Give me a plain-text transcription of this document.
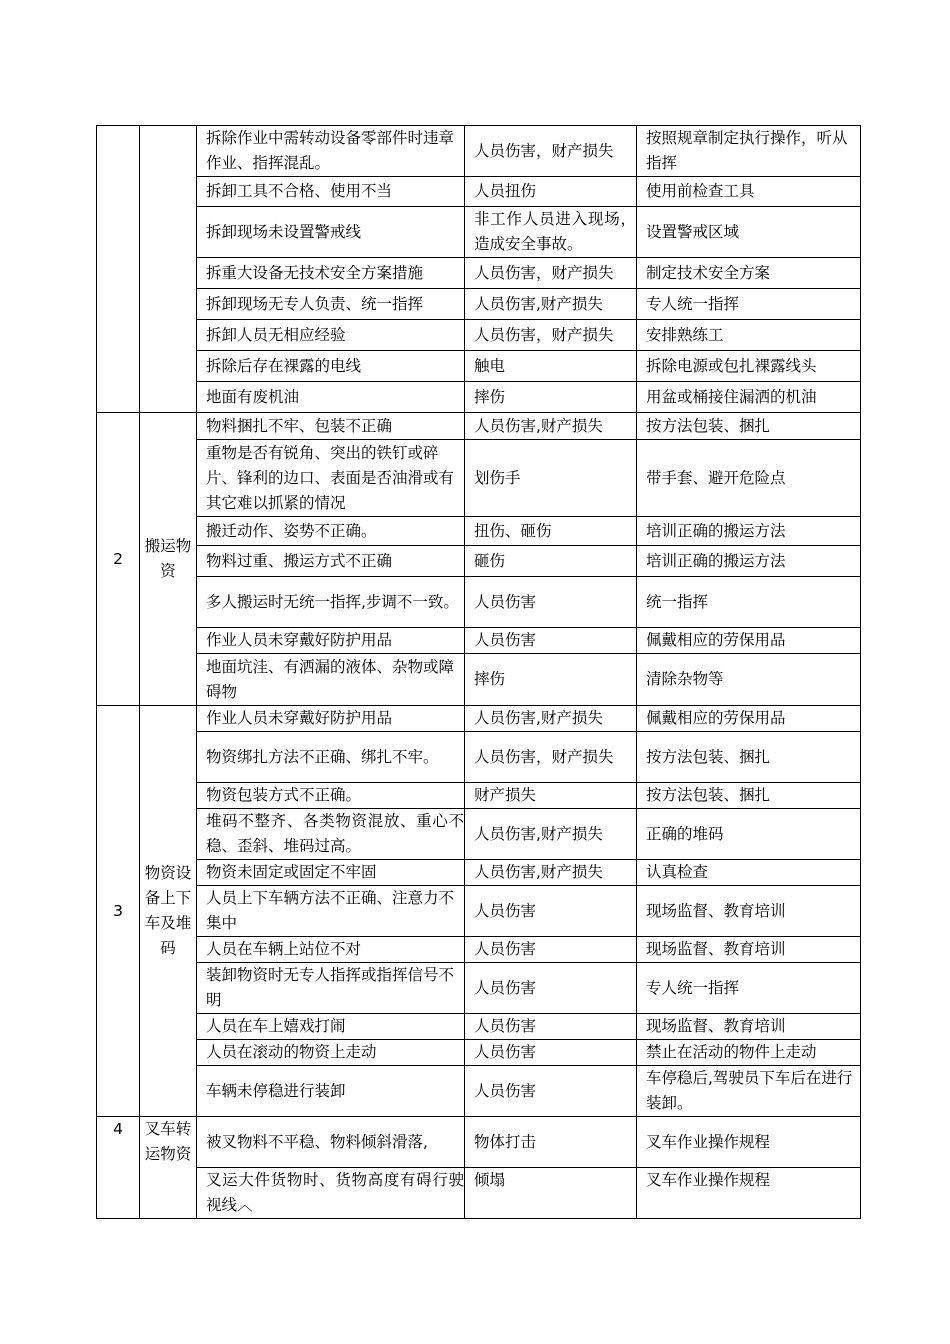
		拆除作业中需转动设备零部件时违章作业、指挥混乱。	人员伤害，财产损失	按照规章制定执行操作，听从指挥
		拆卸工具不合格、使用不当	人员扭伤	使用前检查工具
		拆卸现场未设置警戒线	非工作人员进入现场，造成安全事故。	设置警戒区域
		拆重大设备无技术安全方案措施	人员伤害，财产损失	制定技术安全方案
		拆卸现场无专人负责、统一指挥	人员伤害,财产损失	专人统一指挥
		拆卸人员无相应经验	人员伤害，财产损失	安排熟练工
		拆除后存在裸露的电线	触电	拆除电源或包扎裸露线头
		地面有废机油	摔伤	用盆或桶接住漏洒的机油
2	搬运物资	物料捆扎不牢、包装不正确	人员伤害,财产损失	按方法包装、捆扎
		重物是否有锐角、突出的铁钉或碎片、锋利的边口、表面是否油滑或有其它难以抓紧的情况	划伤手	带手套、避开危险点
		搬迁动作、姿势不正确。	扭伤、砸伤	培训正确的搬运方法
		物料过重、搬运方式不正确	砸伤	培训正确的搬运方法
		多人搬运时无统一指挥,步调不一致。	人员伤害	统一指挥
		作业人员未穿戴好防护用品	人员伤害	佩戴相应的劳保用品
		地面坑洼、有洒漏的液体、杂物或障碍物	摔伤	清除杂物等
3	物资设备上下车及堆码	作业人员未穿戴好防护用品	人员伤害,财产损失	佩戴相应的劳保用品
		物资绑扎方法不正确、绑扎不牢。	人员伤害，财产损失	按方法包装、捆扎
		物资包装方式不正确。	财产损失	按方法包装、捆扎
		堆码不整齐、各类物资混放、重心不稳、歪斜、堆码过高。	人员伤害,财产损失	正确的堆码
		物资未固定或固定不牢固	人员伤害,财产损失	认真检查
		人员上下车辆方法不正确、注意力不集中	人员伤害	现场监督、教育培训
		人员在车辆上站位不对	人员伤害	现场监督、教育培训
		装卸物资时无专人指挥或指挥信号不明	人员伤害	专人统一指挥
		人员在车上嬉戏打闹	人员伤害	现场监督、教育培训
		人员在滚动的物资上走动	人员伤害	禁止在活动的物件上走动
		车辆未停稳进行装卸	人员伤害	车停稳后,驾驶员下车后在进行装卸。
4	叉车转运物资	被叉物料不平稳、物料倾斜滑落,	物体打击	叉车作业操作规程
		叉运大件货物时、货物高度有碍行驶视线︿	倾塌	叉车作业操作规程
